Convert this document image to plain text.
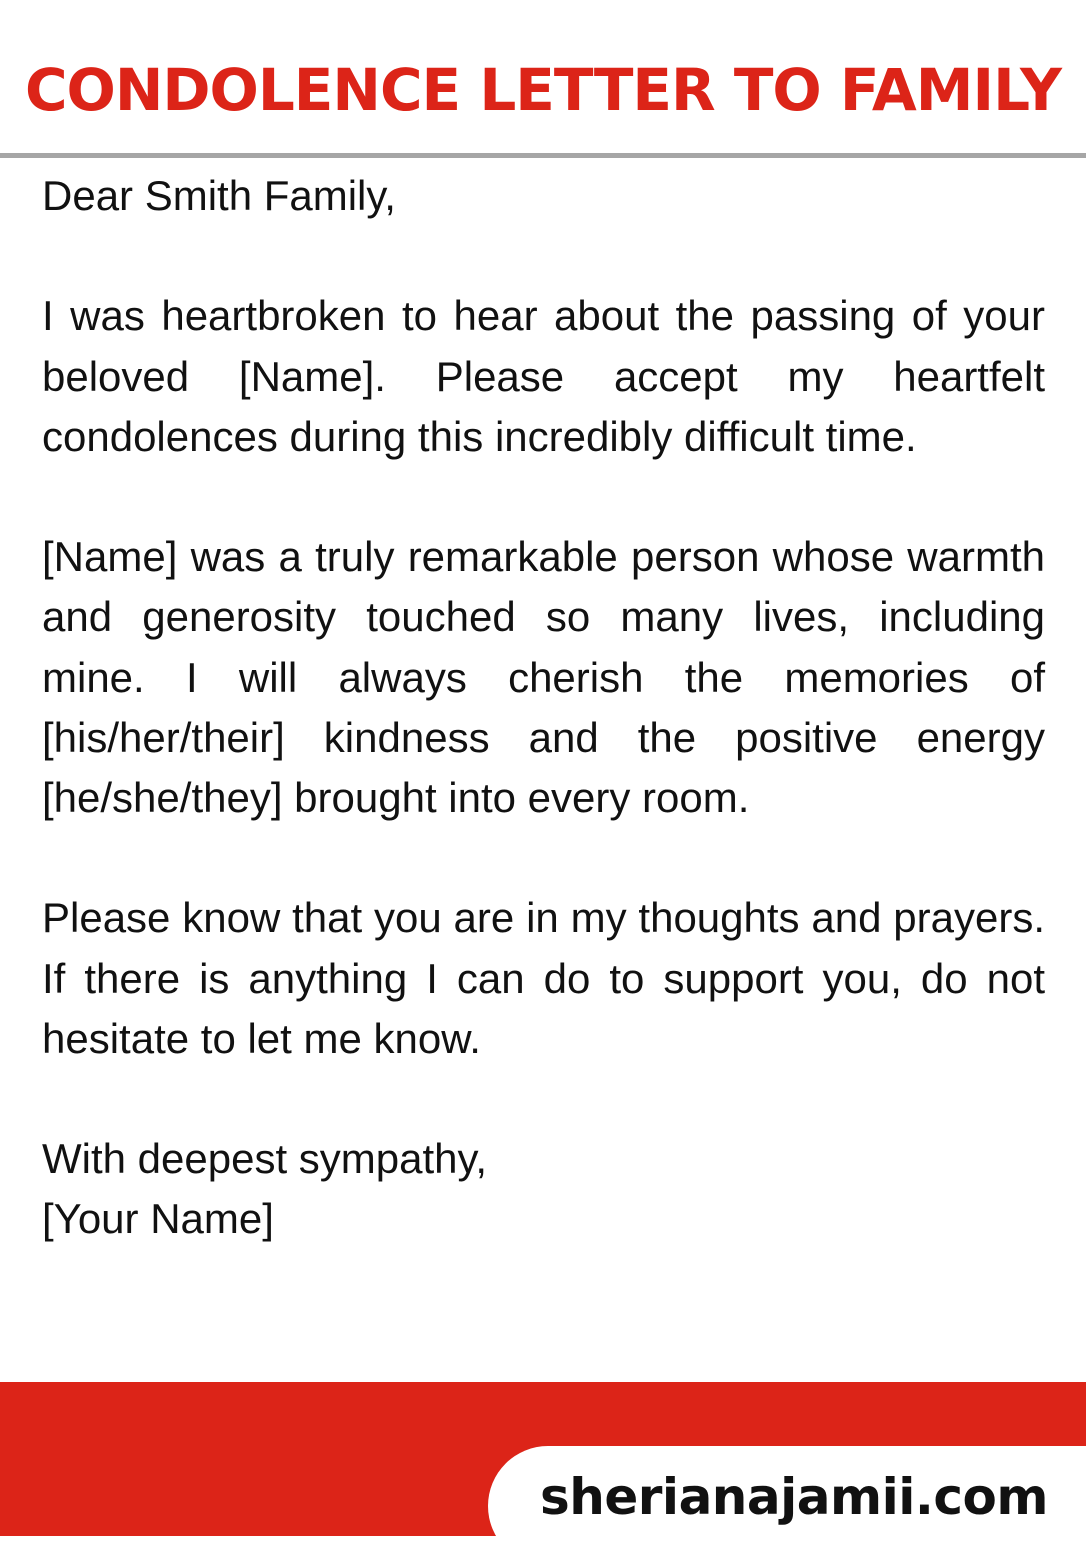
CONDOLENCE LETTER TO FAMILY

Dear Smith Family,

I was heartbroken to hear about the passing of your beloved [Name]. Please accept my heartfelt condolences during this incredibly difficult time.

[Name] was a truly remarkable person whose warmth and generosity touched so many lives, including mine. I will always cherish the memories of [his/her/their] kindness and the positive energy [he/she/they] brought into every room.

Please know that you are in my thoughts and prayers. If there is anything I can do to support you, do not hesitate to let me know.

With deepest sympathy,
[Your Name]

sherianajamii.com
